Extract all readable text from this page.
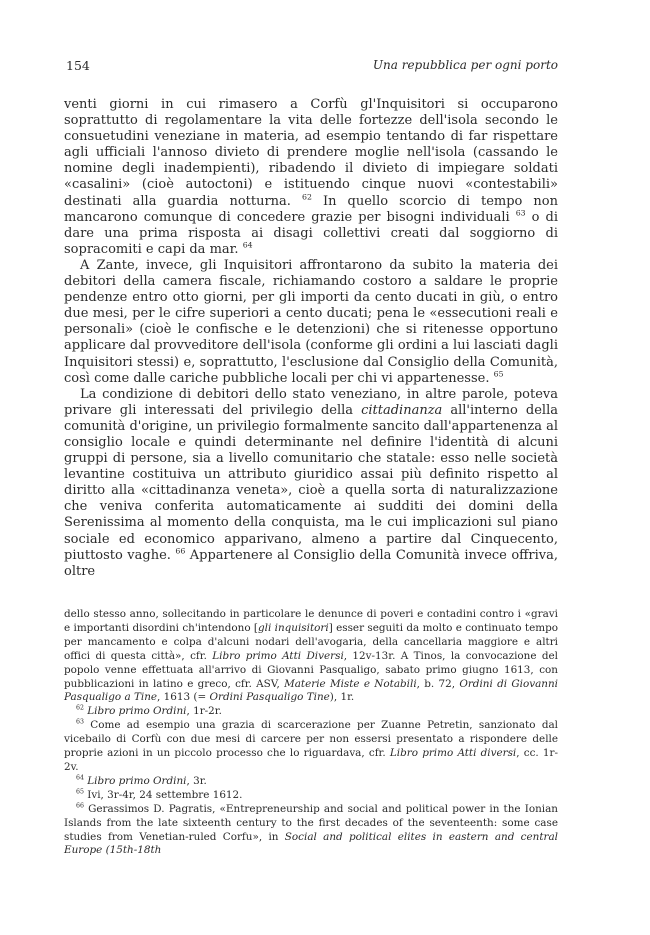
154	Una repubblica per ogni porto

venti giorni in cui rimasero a Corfù gl'Inquisitori si occuparono soprattutto di regolamentare la vita delle fortezze dell'isola secondo le consuetudini veneziane in materia, ad esempio tentando di far rispettare agli ufficiali l'annoso divieto di prendere moglie nell'isola (cassando le nomine degli inadempienti), ribadendo il divieto di impiegare soldati «casalini» (cioè autoctoni) e istituendo cinque nuovi «contestabili» destinati alla guardia notturna. $^{62}$ In quello scorcio di tempo non mancarono comunque di concedere grazie per bisogni individuali $^{63}$ o di dare una prima risposta ai disagi collettivi creati dal soggiorno di sopracomiti e capi da mar. $^{64}$

A Zante, invece, gli Inquisitori affrontarono da subito la materia dei debitori della camera fiscale, richiamando costoro a saldare le proprie pendenze entro otto giorni, per gli importi da cento ducati in giù, o entro due mesi, per le cifre superiori a cento ducati; pena le «essecutioni reali e personali» (cioè le confische e le detenzioni) che si ritenesse opportuno applicare dal provveditore dell'isola (conforme gli ordini a lui lasciati dagli Inquisitori stessi) e, soprattutto, l'esclusione dal Consiglio della Comunità, così come dalle cariche pubbliche locali per chi vi appartenesse. $^{65}$

La condizione di debitori dello stato veneziano, in altre parole, poteva privare gli interessati del privilegio della cittadinanza all'interno della comunità d'origine, un privilegio formalmente sancito dall'appartenenza al consiglio locale e quindi determinante nel definire l'identità di alcuni gruppi di persone, sia a livello comunitario che statale: esso nelle società levantine costituiva un attributo giuridico assai più definito rispetto al diritto alla «cittadinanza veneta», cioè a quella sorta di naturalizzazione che veniva conferita automaticamente ai sudditi dei domini della Serenissima al momento della conquista, ma le cui implicazioni sul piano sociale ed economico apparivano, almeno a partire dal Cinquecento, piuttosto vaghe. $^{66}$ Appartenere al Consiglio della Comunità invece offriva, oltre

dello stesso anno, sollecitando in particolare le denunce di poveri e contadini contro i «gravi e importanti disordini ch'intendono [gli inquisitori] esser seguiti da molto e continuato tempo per mancamento e colpa d'alcuni nodari dell'avogaria, della cancellaria maggiore e altri offici di questa città», cfr. Libro primo Atti Diversi, 12v-13r. A Tinos, la convocazione del popolo venne effettuata all'arrivo di Giovanni Pasqualigo, sabato primo giugno 1613, con pubblicazioni in latino e greco, cfr. ASV, Materie Miste e Notabili, b. 72, Ordini di Giovanni Pasqualigo a Tine, 1613 (= Ordini Pasqualigo Tine), 1r.

$^{62}$ Libro primo Ordini, 1r-2r.

$^{63}$ Come ad esempio una grazia di scarcerazione per Zuanne Petretin, sanzionato dal vicebailo di Corfù con due mesi di carcere per non essersi presentato a rispondere delle proprie azioni in un piccolo processo che lo riguardava, cfr. Libro primo Atti diversi, cc. 1r-2v.

$^{64}$ Libro primo Ordini, 3r.

$^{65}$ Ivi, 3r-4r, 24 settembre 1612.

$^{66}$ Gerassimos D. Pagratis, «Entrepreneurship and social and political power in the Ionian Islands from the late sixteenth century to the first decades of the seventeenth: some case studies from Venetian-ruled Corfu», in Social and political elites in eastern and central Europe (15th-18th
